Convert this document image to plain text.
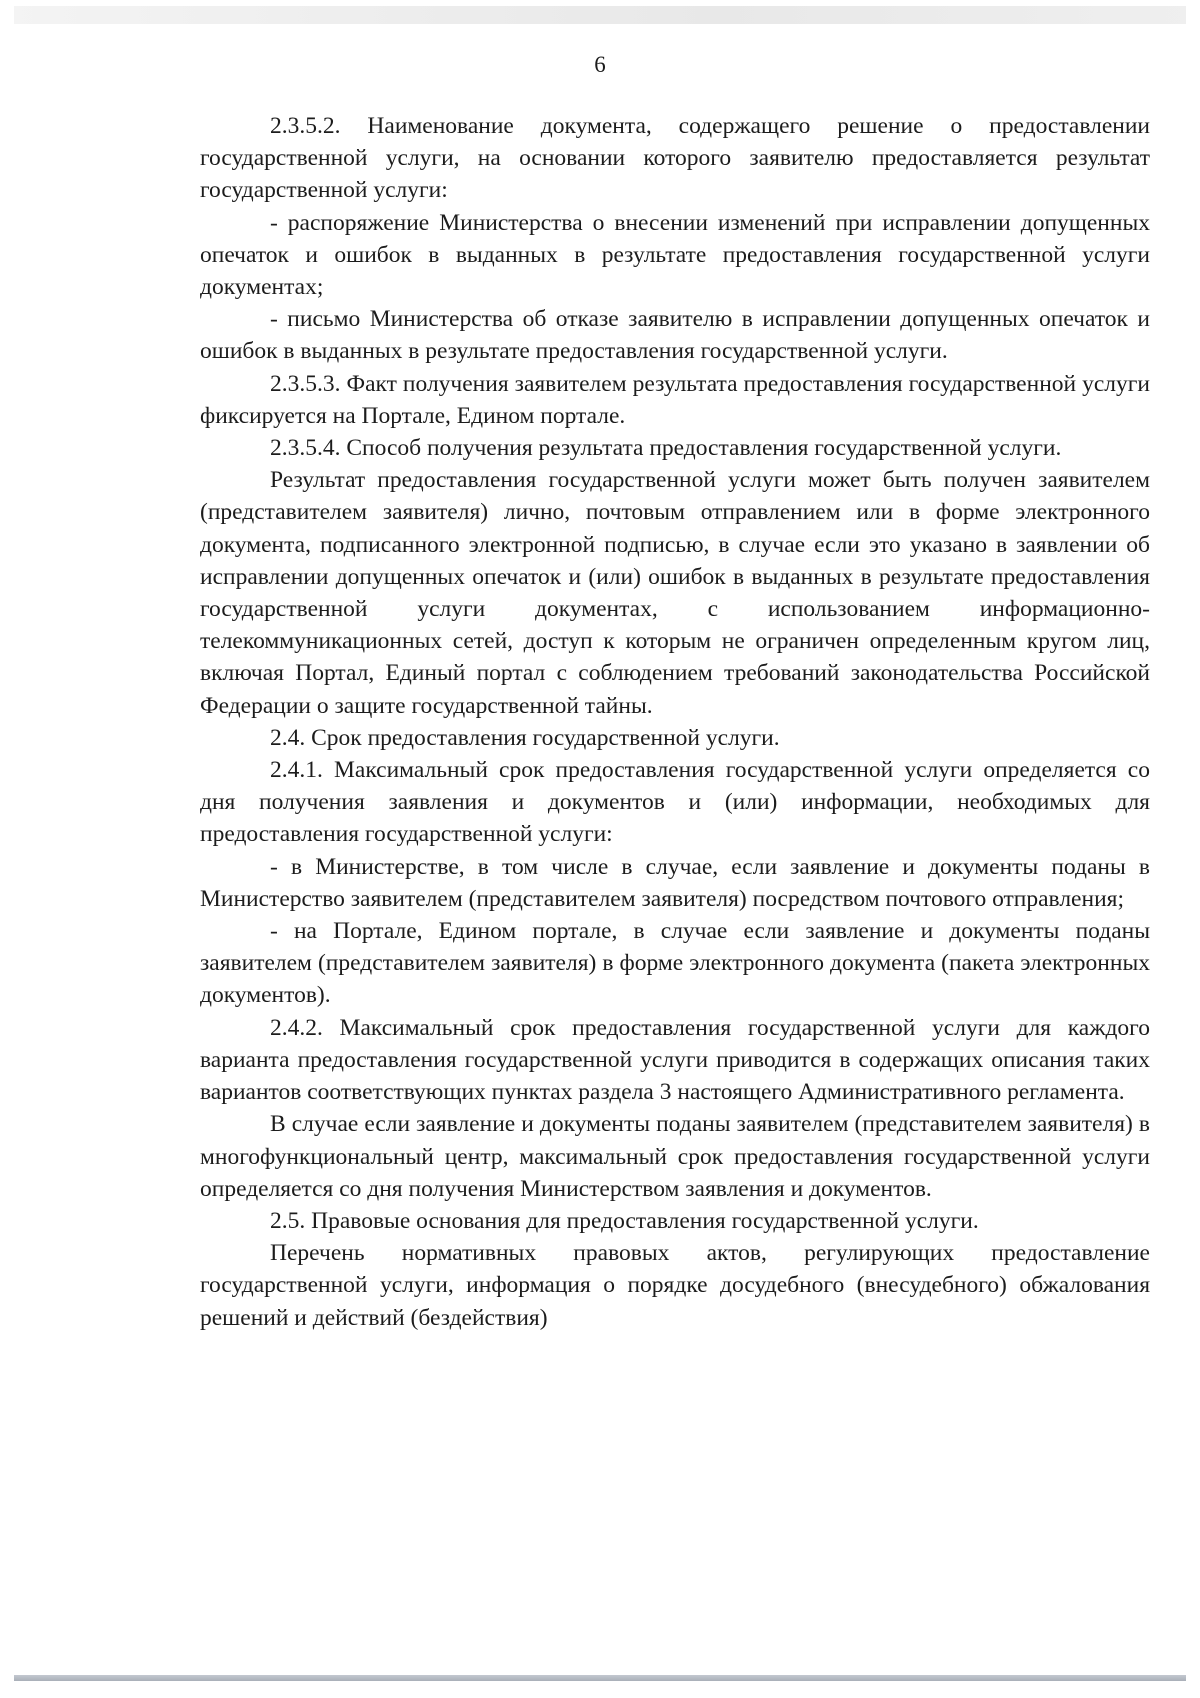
6

2.3.5.2. Наименование документа, содержащего решение о предоставлении государственной услуги, на основании которого заявителю предоставляется результат государственной услуги:

- распоряжение Министерства о внесении изменений при исправлении допущенных опечаток и ошибок в выданных в результате предоставления государственной услуги документах;

- письмо Министерства об отказе заявителю в исправлении допущенных опечаток и ошибок в выданных в результате предоставления государственной услуги.

2.3.5.3. Факт получения заявителем результата предоставления государственной услуги фиксируется на Портале, Едином портале.

2.3.5.4. Способ получения результата предоставления государственной услуги.

Результат предоставления государственной услуги может быть получен заявителем (представителем заявителя) лично, почтовым отправлением или в форме электронного документа, подписанного электронной подписью, в случае если это указано в заявлении об исправлении допущенных опечаток и (или) ошибок в выданных в результате предоставления государственной услуги документах, с использованием информационно-телекоммуникационных сетей, доступ к которым не ограничен определенным кругом лиц, включая Портал, Единый портал с соблюдением требований законодательства Российской Федерации о защите государственной тайны.

2.4. Срок предоставления государственной услуги.

2.4.1. Максимальный срок предоставления государственной услуги определяется со дня получения заявления и документов и (или) информации, необходимых для предоставления государственной услуги:

- в Министерстве, в том числе в случае, если заявление и документы поданы в Министерство заявителем (представителем заявителя) посредством почтового отправления;

- на Портале, Едином портале, в случае если заявление и документы поданы заявителем (представителем заявителя) в форме электронного документа (пакета электронных документов).

2.4.2. Максимальный срок предоставления государственной услуги для каждого варианта предоставления государственной услуги приводится в содержащих описания таких вариантов соответствующих пунктах раздела 3 настоящего Административного регламента.

В случае если заявление и документы поданы заявителем (представителем заявителя) в многофункциональный центр, максимальный срок предоставления государственной услуги определяется со дня получения Министерством заявления и документов.

2.5. Правовые основания для предоставления государственной услуги.

Перечень нормативных правовых актов, регулирующих предоставление государственной услуги, информация о порядке досудебного (внесудебного) обжалования решений и действий (бездействия)
